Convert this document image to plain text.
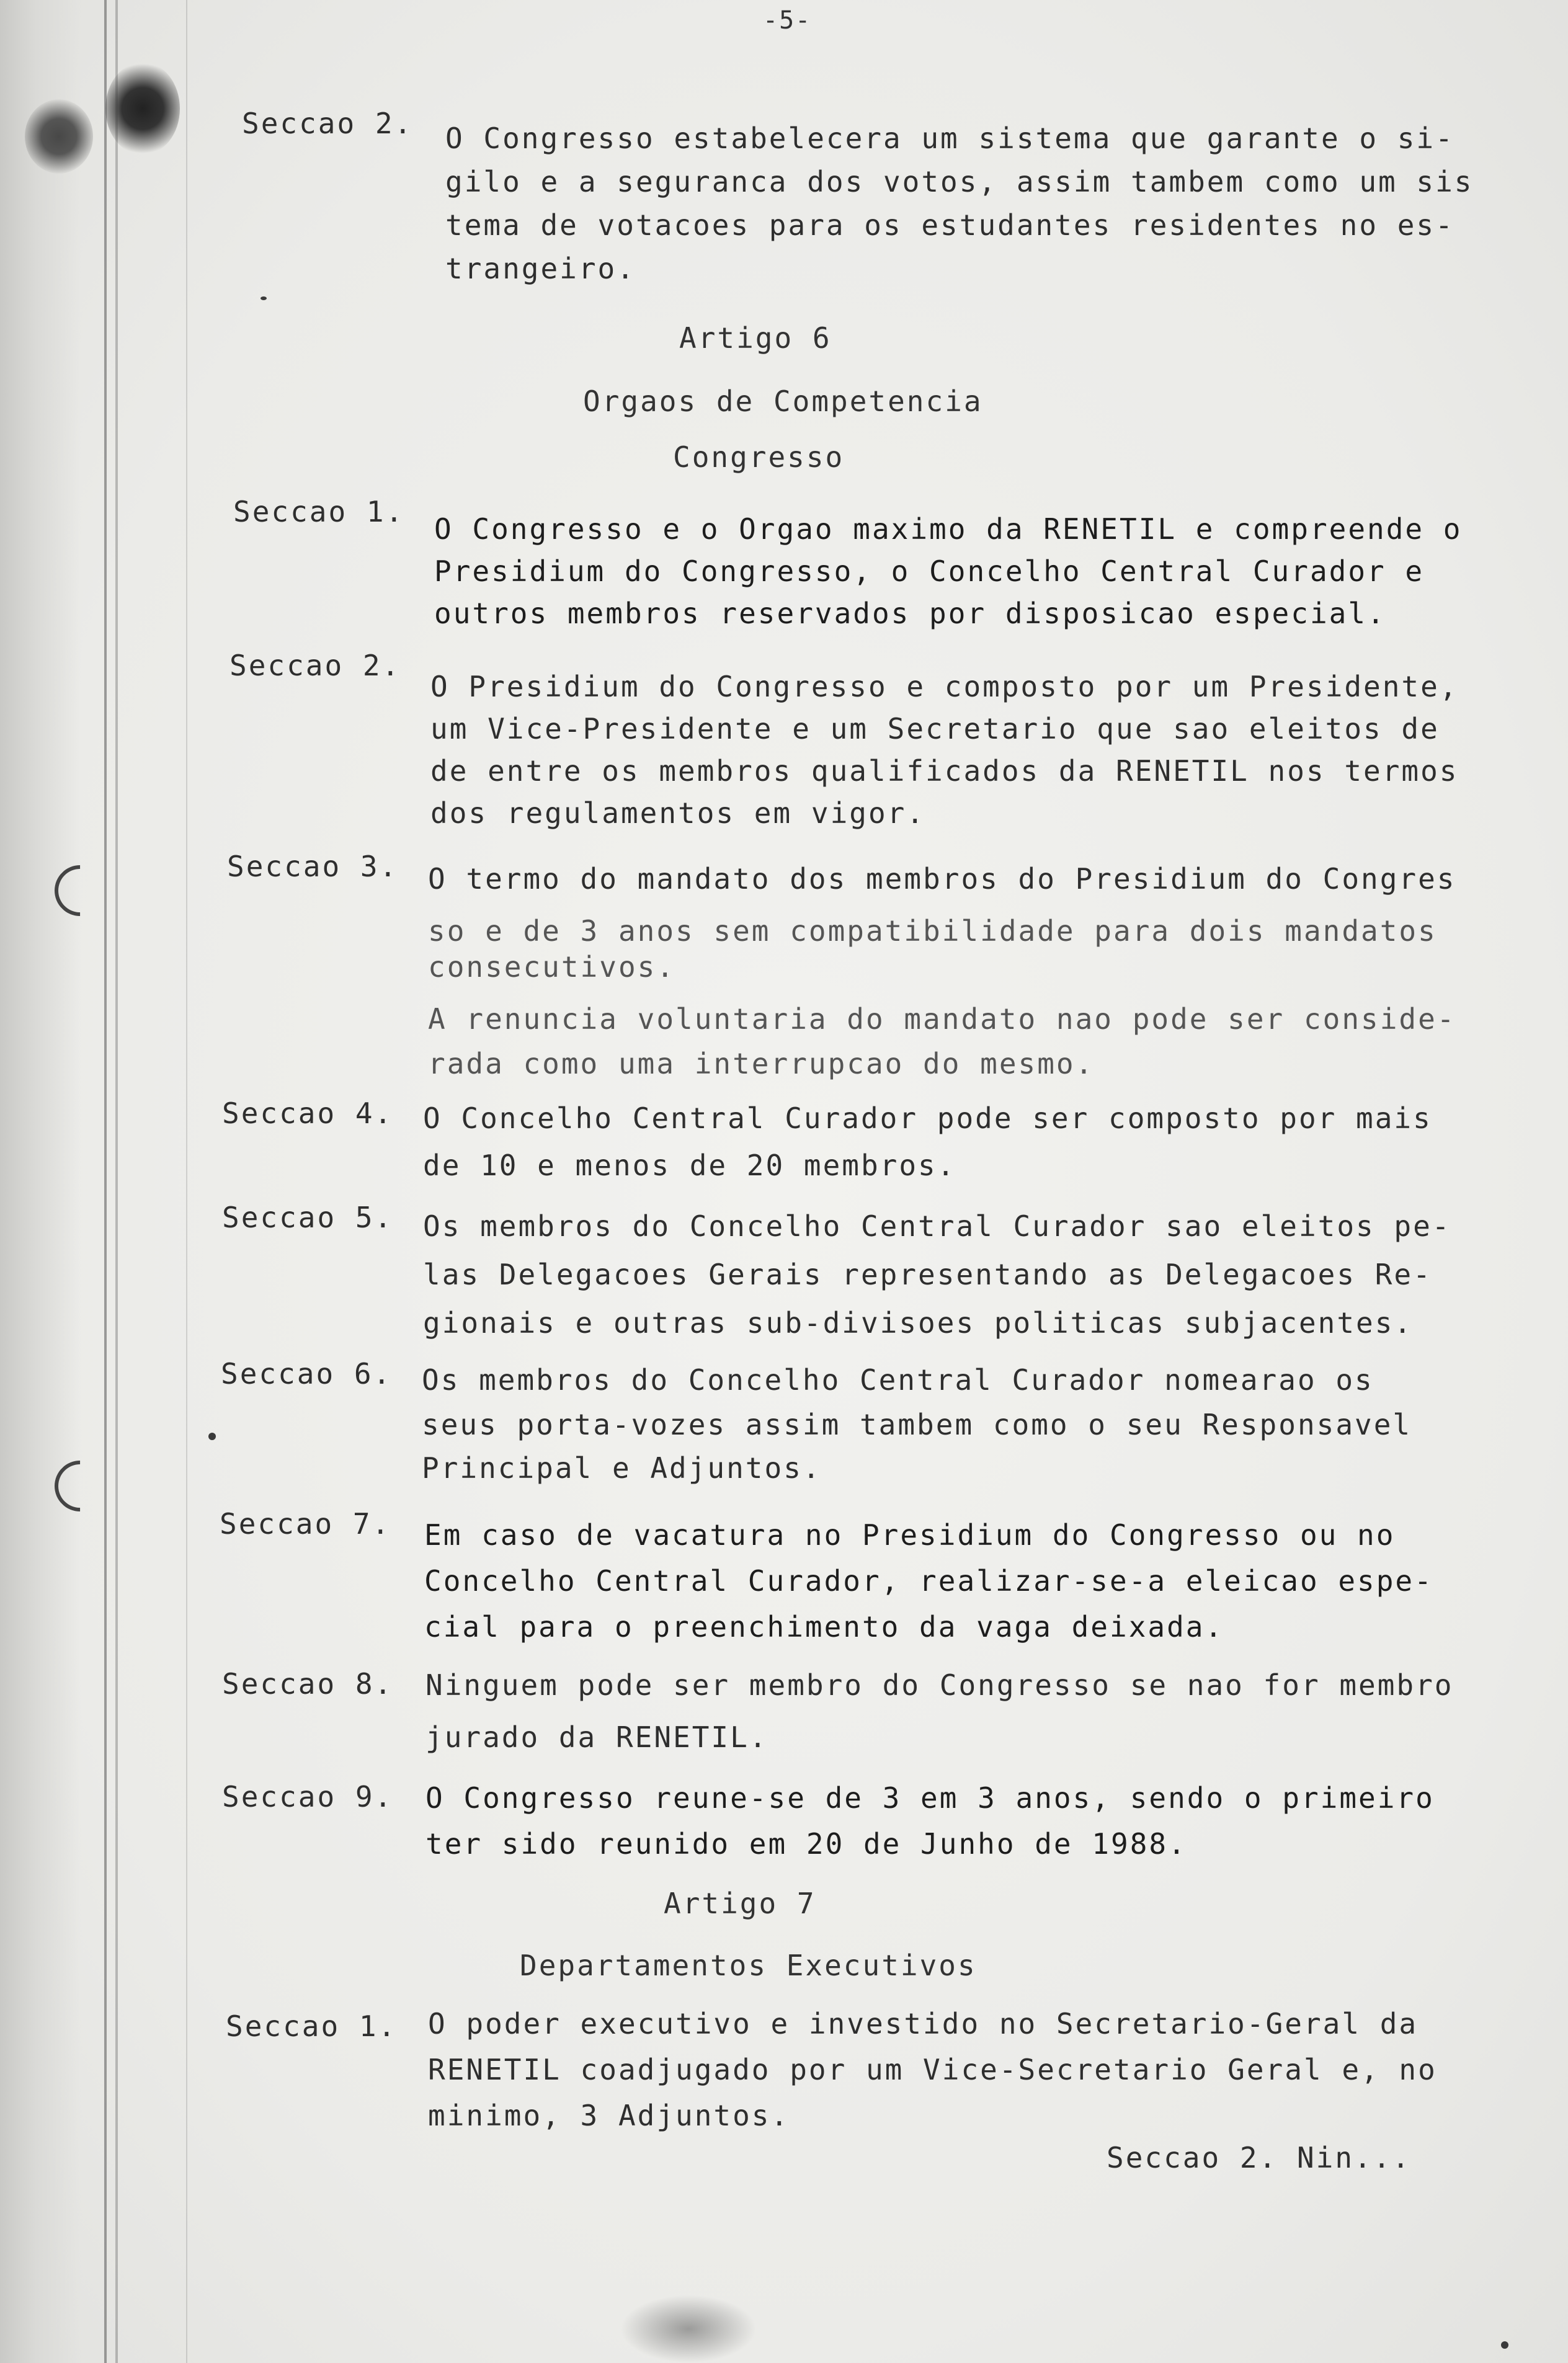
-5-
Seccao 2. O Congresso estabelecera um sistema que garante o si-
gilo e a seguranca dos votos, assim tambem como um sis
tema de votacoes para os estudantes residentes no es-
trangeiro.
Artigo 6
Orgaos de Competencia
Congresso
Seccao 1.
O Congresso e o Orgao maximo da RENETIL e compreende o
Presidium do Congresso, o Concelho Central Curador e
outros membros reservados por disposicao especial.
Seccao 2.
O Presidium do Congresso e composto por um Presidente,
um Vice-Presidente e um Secretario que sao eleitos de
de entre os membros qualificados da RENETIL nos termos
dos regulamentos em vigor.
Seccao 3. O termo do mandato dos membros do Presidium do Congres
so e de 3 anos sem compatibilidade para dois mandatos
consecutivos.
A renuncia voluntaria do mandato nao pode ser conside-
rada como uma interrupcao do mesmo.
Seccao 4. O Concelho Central Curador pode ser composto por mais
de 10 e menos de 20 membros.
Seccao 5. Os membros do Concelho Central Curador sao eleitos pe-
las Delegacoes Gerais representando as Delegacoes Re-
gionais e outras sub-divisoes politicas subjacentes.
Seccao 6. Os membros do Concelho Central Curador nomearao os
seus porta-vozes assim tambem como o seu Responsavel
Principal e Adjuntos.
Seccao 7. Em caso de vacatura no Presidium do Congresso ou no
Concelho Central Curador, realizar-se-a eleicao espe-
cial para o preenchimento da vaga deixada.
Seccao 8. Ninguem pode ser membro do Congresso se nao for membro
jurado da RENETIL.
Seccao 9. O Congresso reune-se de 3 em 3 anos, sendo o primeiro
ter sido reunido em 20 de Junho de 1988.
Artigo 7
Departamentos Executivos
Seccao 1. O poder executivo e investido no Secretario-Geral da
RENETIL coadjugado por um Vice-Secretario Geral e, no
minimo, 3 Adjuntos.
Seccao 2. Nin...
